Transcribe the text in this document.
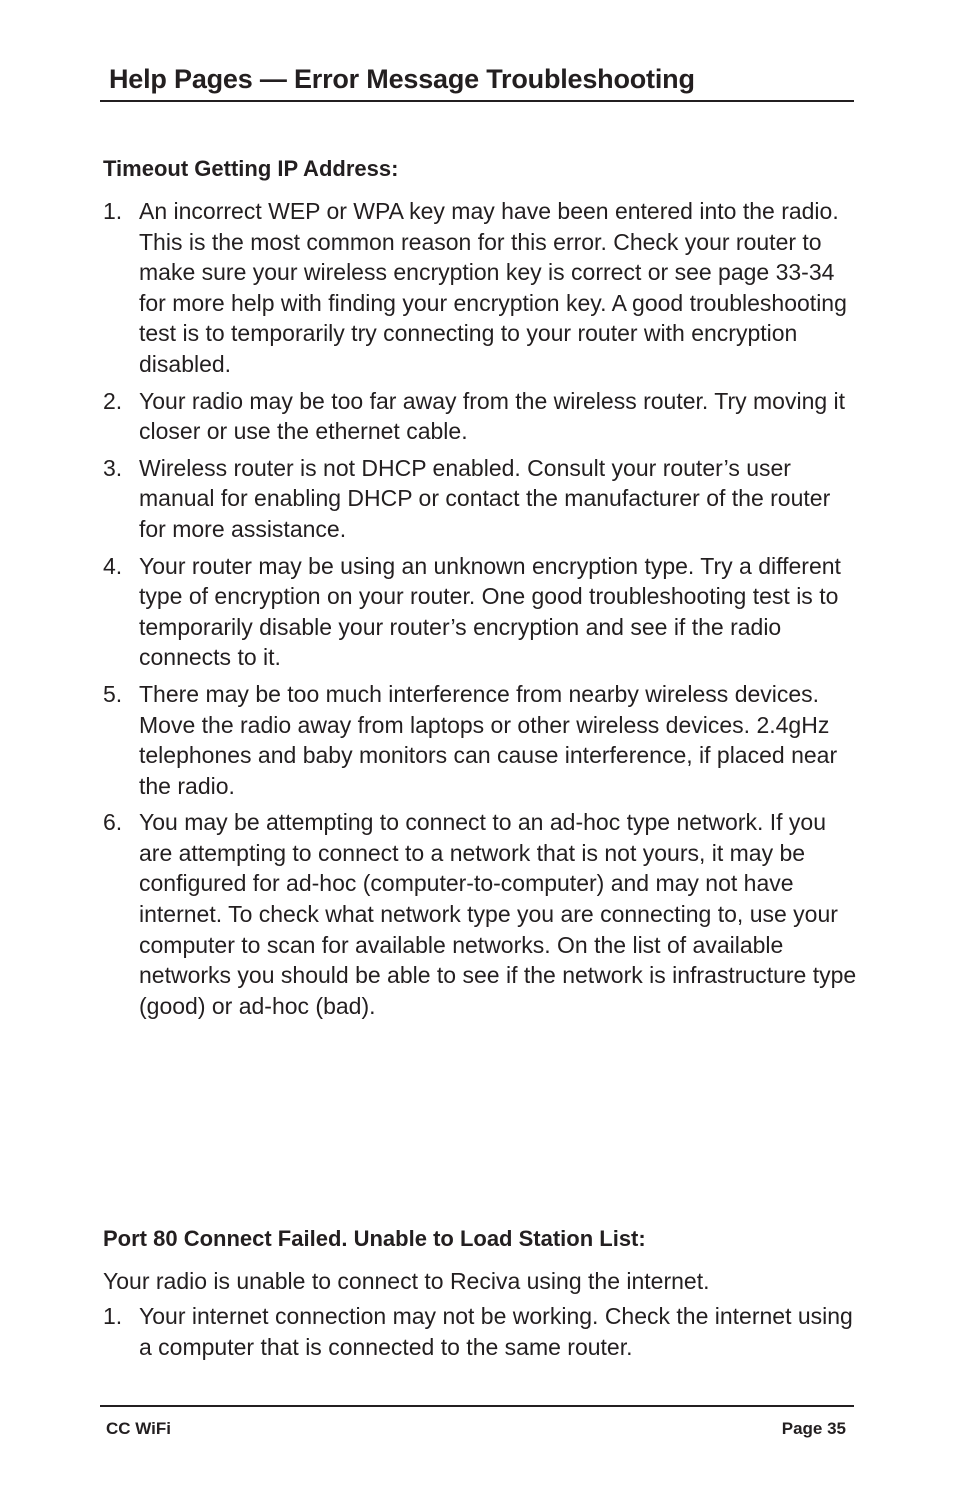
Help Pages — Error Message Troubleshooting
Timeout Getting IP Address:
1. An incorrect WEP or WPA key may have been entered into the radio. This is the most common reason for this error. Check your router to make sure your wireless encryption key is correct or see page 33-34 for more help with finding your encryption key. A good troubleshooting test is to temporarily try connecting to your router with encryption disabled.
2. Your radio may be too far away from the wireless router. Try moving it closer or use the ethernet cable.
3. Wireless router is not DHCP enabled. Consult your router’s user manual for enabling DHCP or contact the manufacturer of the router for more assistance.
4. Your router may be using an unknown encryption type. Try a different type of encryption on your router. One good troubleshooting test is to temporarily disable your router’s encryption and see if the radio connects to it.
5. There may be too much interference from nearby wireless devices. Move the radio away from laptops or other wireless devices. 2.4gHz telephones and baby monitors can cause interference, if placed near the radio.
6. You may be attempting to connect to an ad-hoc type network. If you are attempting to connect to a network that is not yours, it may be configured for ad-hoc (computer-to-computer) and may not have internet. To check what network type you are connecting to, use your computer to scan for available networks. On the list of available networks you should be able to see if the network is infrastructure type (good) or ad-hoc (bad).
Port 80 Connect Failed. Unable to Load Station List:
Your radio is unable to connect to Reciva using the internet.
1. Your internet connection may not be working. Check the internet using a computer that is connected to the same router.
CC WiFi	Page 35
